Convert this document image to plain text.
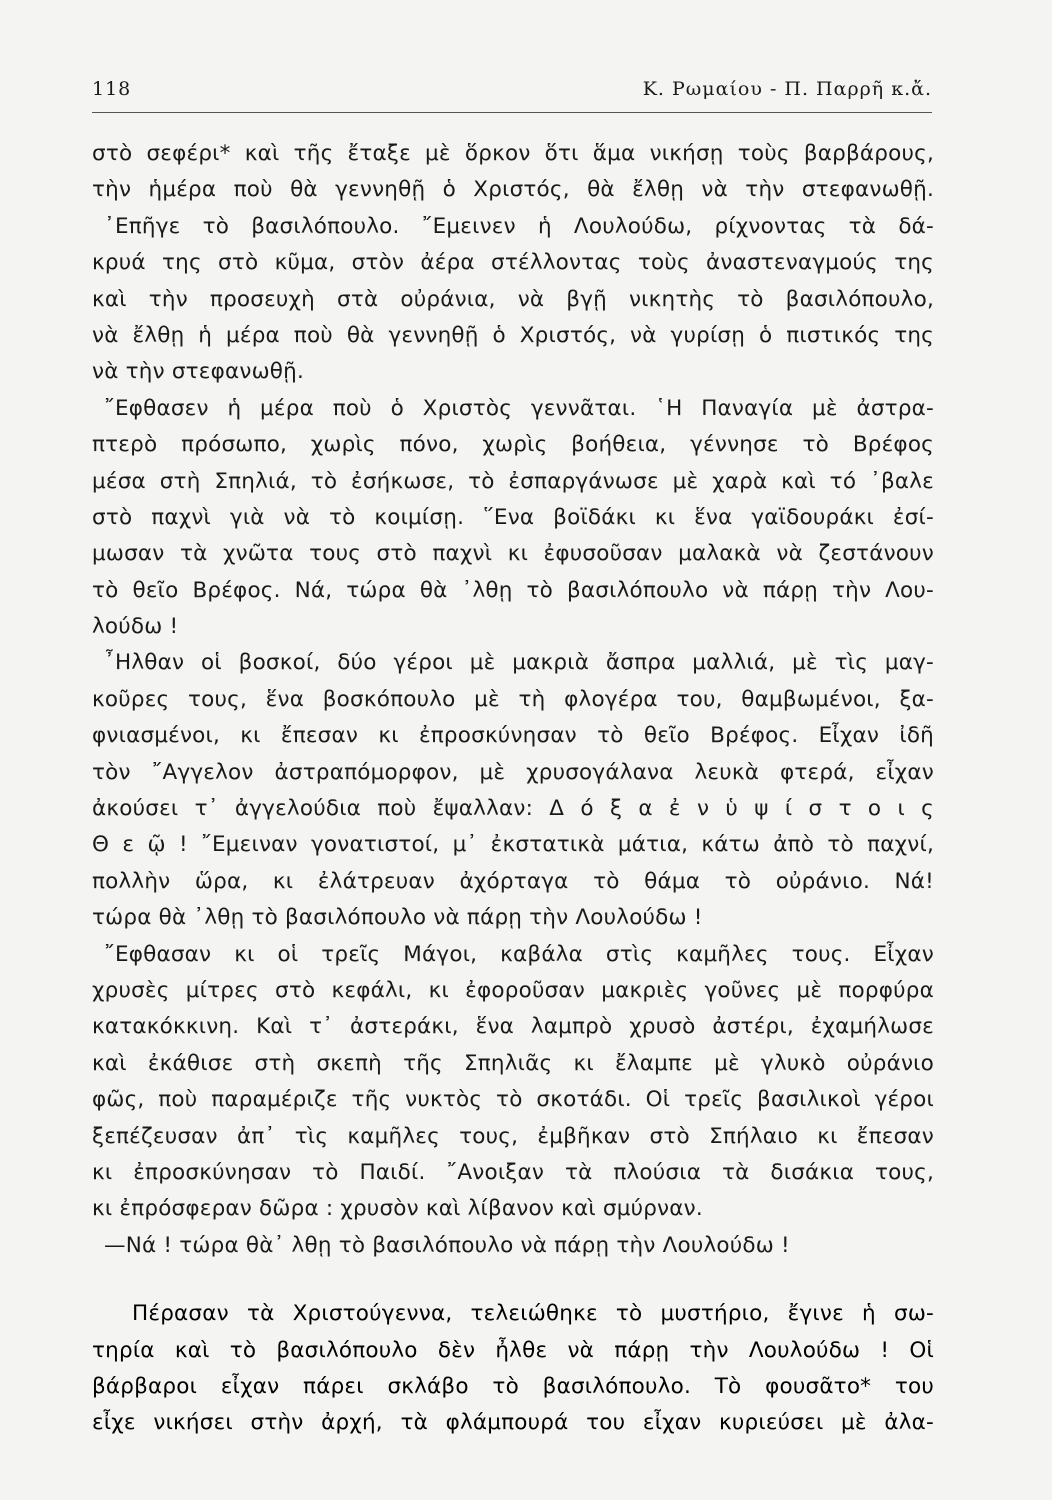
118	Κ. Ρωμαίου - Π. Παρρῆ κ.ἄ.
στὸ σεφέρι* καὶ τῆς ἔταξε μὲ ὅρκον ὅτι ἅμα νικήσῃ τοὺς βαρβάρους,
τὴν ἡμέρα ποὺ θὰ γεννηθῇ ὁ Χριστός, θὰ ἔλθῃ νὰ τὴν στεφανωθῇ.
᾿Επῆγε τὸ βασιλόπουλο. ῎Εμεινεν ἡ Λουλούδω, ρίχνοντας τὰ δά-
κρυά της στὸ κῦμα, στὸν ἀέρα στέλλοντας τοὺς ἀναστεναγμούς της
καὶ τὴν προσευχὴ στὰ οὐράνια, νὰ βγῇ νικητὴς τὸ βασιλόπουλο,
νὰ ἔλθῃ ἡ μέρα ποὺ θὰ γεννηθῇ ὁ Χριστός, νὰ γυρίσῃ ὁ πιστικός της
νὰ τὴν στεφανωθῇ.
῎Εφθασεν ἡ μέρα ποὺ ὁ Χριστὸς γεννᾶται. ῾Η Παναγία μὲ ἀστρα-
πτερὸ πρόσωπο, χωρὶς πόνο, χωρὶς βοήθεια, γέννησε τὸ Βρέφος
μέσα στὴ Σπηλιά, τὸ ἐσήκωσε, τὸ ἐσπαργάνωσε μὲ χαρὰ καὶ τό ᾿βαλε
στὸ παχνὶ γιὰ νὰ τὸ κοιμίσῃ. ῞Ενα βοϊδάκι κι ἕνα γαϊδουράκι ἐσί-
μωσαν τὰ χνῶτα τους στὸ παχνὶ κι ἐφυσοῦσαν μαλακὰ νὰ ζεστάνουν
τὸ θεῖο Βρέφος. Νά, τώρα θὰ ᾿λθῃ τὸ βασιλόπουλο νὰ πάρῃ τὴν Λου-
λούδω !
῏Ηλθαν οἱ βοσκοί, δύο γέροι μὲ μακριὰ ἄσπρα μαλλιά, μὲ τὶς μαγ-
κοῦρες τους, ἕνα βοσκόπουλο μὲ τὴ φλογέρα του, θαμβωμένοι, ξα-
φνιασμένοι, κι ἔπεσαν κι ἐπροσκύνησαν τὸ θεῖο Βρέφος. Εἶχαν ἰδῆ
τὸν ῎Αγγελον ἀστραπόμορφον, μὲ χρυσογάλανα λευκὰ φτερά, εἶχαν
ἀκούσει τ᾿ ἀγγελούδια ποὺ ἔψαλλαν: Δ ό ξ α ἐ ν ὑ ψ ί σ τ ο ι ς
Θ ε ῷ ! ῎Εμειναν γονατιστοί, μ᾿ ἐκστατικὰ μάτια, κάτω ἀπὸ τὸ παχνί,
πολλὴν ὥρα, κι ἐλάτρευαν ἀχόρταγα τὸ θάμα τὸ οὐράνιο. Νά!
τώρα θὰ ᾿λθῃ τὸ βασιλόπουλο νὰ πάρῃ τὴν Λουλούδω !
῎Εφθασαν κι οἱ τρεῖς Μάγοι, καβάλα στὶς καμῆλες τους. Εἶχαν
χρυσὲς μίτρες στὸ κεφάλι, κι ἐφοροῦσαν μακριὲς γοῦνες μὲ πορφύρα
κατακόκκινη. Καὶ τ᾿ ἀστεράκι, ἕνα λαμπρὸ χρυσὸ ἀστέρι, ἐχαμήλωσε
καὶ ἐκάθισε στὴ σκεπὴ τῆς Σπηλιᾶς κι ἔλαμπε μὲ γλυκὸ οὐράνιο
φῶς, ποὺ παραμέριζε τῆς νυκτὸς τὸ σκοτάδι. Οἱ τρεῖς βασιλικοὶ γέροι
ξεπέζευσαν ἀπ᾿ τὶς καμῆλες τους, ἐμβῆκαν στὸ Σπήλαιο κι ἔπεσαν
κι ἐπροσκύνησαν τὸ Παιδί. ῎Ανοιξαν τὰ πλούσια τὰ δισάκια τους,
κι ἐπρόσφεραν δῶρα : χρυσὸν καὶ λίβανον καὶ σμύρναν.
—Νά ! τώρα θὰ᾿ λθῃ τὸ βασιλόπουλο νὰ πάρῃ τὴν Λουλούδω !
Πέρασαν τὰ Χριστούγεννα, τελειώθηκε τὸ μυστήριο, ἔγινε ἡ σω-
τηρία καὶ τὸ βασιλόπουλο δὲν ἦλθε νὰ πάρῃ τὴν Λουλούδω ! Οἱ
βάρβαροι εἶχαν πάρει σκλάβο τὸ βασιλόπουλο. Τὸ φουσᾶτο* του
εἶχε νικήσει στὴν ἀρχή, τὰ φλάμπουρά του εἶχαν κυριεύσει μὲ ἀλα-
